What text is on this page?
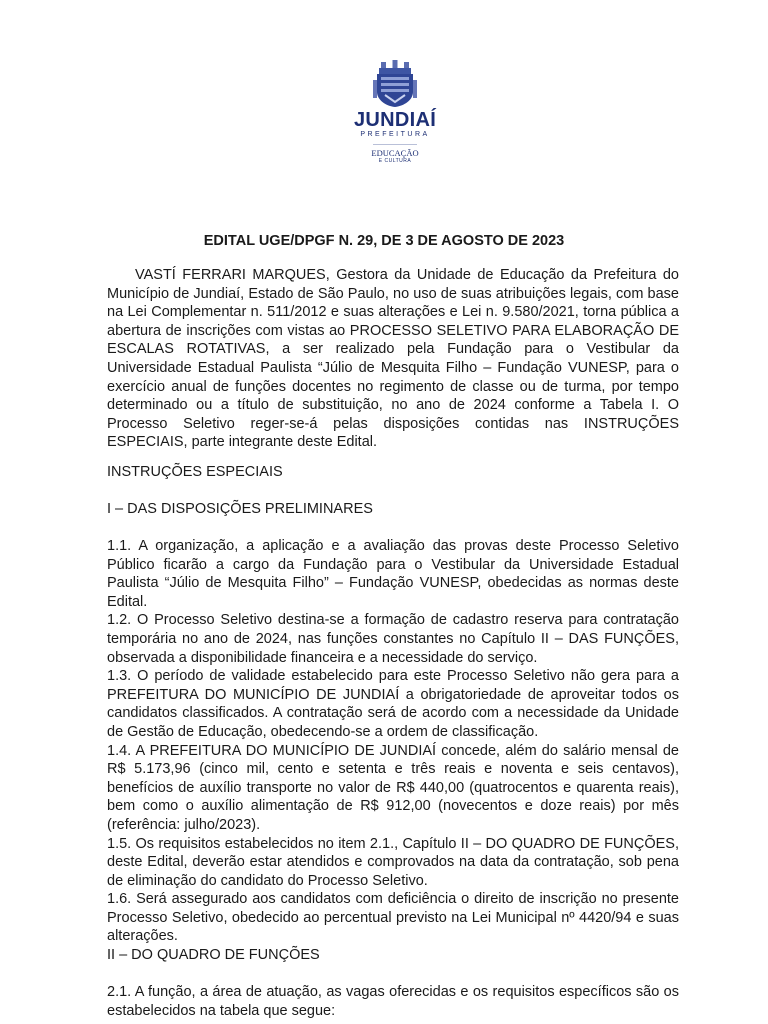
JUNDIAÍ
PREFEITURA
EDUCAÇÃO
E CULTURA
EDITAL UGE/DPGF N. 29, DE 3 DE AGOSTO DE 2023

VASTÍ FERRARI MARQUES, Gestora da Unidade de Educação da Prefeitura do Município de Jundiaí, Estado de São Paulo, no uso de suas atribuições legais, com base na Lei Complementar n. 511/2012 e suas alterações e Lei n. 9.580/2021, torna pública a abertura de inscrições com vistas ao PROCESSO SELETIVO PARA ELABORAÇÃO DE ESCALAS ROTATIVAS, a ser realizado pela Fundação para o Vestibular da Universidade Estadual Paulista “Júlio de Mesquita Filho – Fundação VUNESP, para o exercício anual de funções docentes no regimento de classe ou de turma, por tempo determinado ou a título de substituição, no ano de 2024 conforme a Tabela I. O Processo Seletivo reger-se-á pelas disposições contidas nas INSTRUÇÕES ESPECIAIS, parte integrante deste Edital.

INSTRUÇÕES ESPECIAIS
I – DAS DISPOSIÇÕES PRELIMINARES

1.1. A organização, a aplicação e a avaliação das provas deste Processo Seletivo Público ficarão a cargo da Fundação para o Vestibular da Universidade Estadual Paulista “Júlio de Mesquita Filho” – Fundação VUNESP, obedecidas as normas deste Edital.

1.2. O Processo Seletivo destina-se a formação de cadastro reserva para contratação temporária no ano de 2024, nas funções constantes no Capítulo II – DAS FUNÇÕES, observada a disponibilidade financeira e a necessidade do serviço.

1.3. O período de validade estabelecido para este Processo Seletivo não gera para a PREFEITURA DO MUNICÍPIO DE JUNDIAÍ a obrigatoriedade de aproveitar todos os candidatos classificados. A contratação será de acordo com a necessidade da Unidade de Gestão de Educação, obedecendo-se a ordem de classificação.

1.4. A PREFEITURA DO MUNICÍPIO DE JUNDIAÍ concede, além do salário mensal de R$ 5.173,96 (cinco mil, cento e setenta e três reais e noventa e seis centavos), benefícios de auxílio transporte no valor de R$ 440,00 (quatrocentos e quarenta reais), bem como o auxílio alimentação de R$ 912,00 (novecentos e doze reais) por mês (referência: julho/2023).

1.5. Os requisitos estabelecidos no item 2.1., Capítulo II – DO QUADRO DE FUNÇÕES, deste Edital, deverão estar atendidos e comprovados na data da contratação, sob pena de eliminação do candidato do Processo Seletivo.

1.6. Será assegurado aos candidatos com deficiência o direito de inscrição no presente Processo Seletivo, obedecido ao percentual previsto na Lei Municipal nº 4420/94 e suas alterações.

II – DO QUADRO DE FUNÇÕES

2.1. A função, a área de atuação, as vagas oferecidas e os requisitos específicos são os estabelecidos na tabela que segue:
